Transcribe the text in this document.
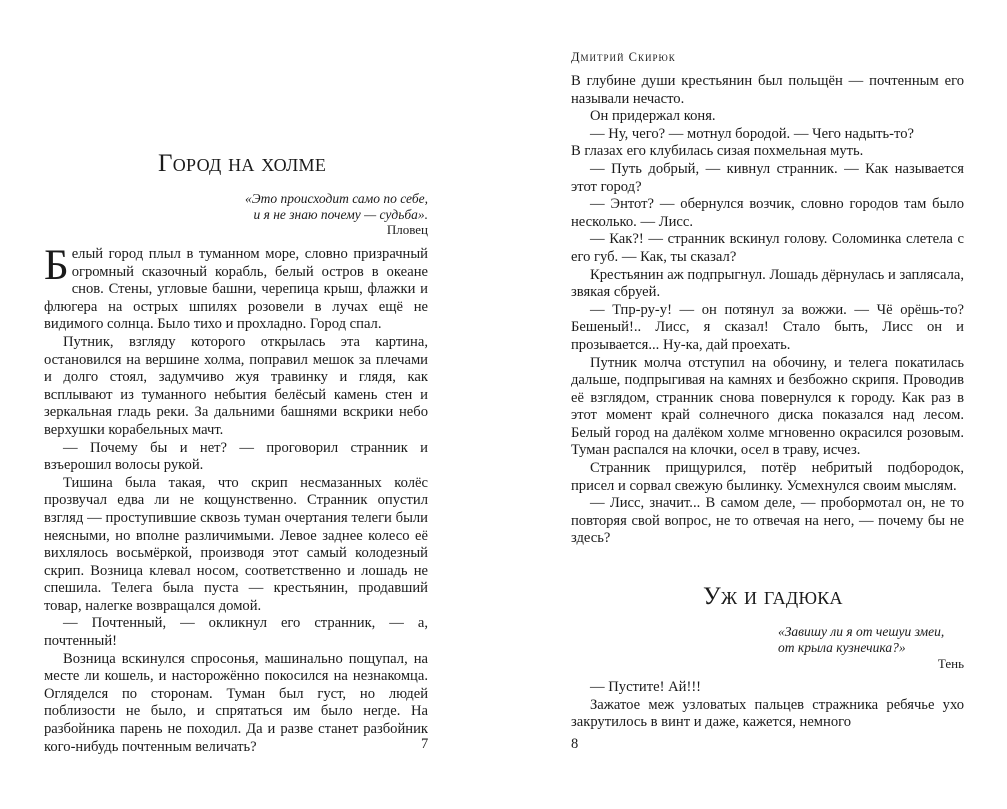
Город на холме
«Это происходит само по себе,
и я не знаю почему — судьба».
Пловец

Белый город плыл в туманном море, словно призрачный огромный сказочный корабль, белый остров в океане снов. Стены, угловые башни, черепица крыш, флажки и флюгера на острых шпилях розовели в лучах ещё не видимого солнца. Было тихо и прохладно. Город спал.

Путник, взгляду которого открылась эта картина, остановился на вершине холма, поправил мешок за плечами и долго стоял, задумчиво жуя травинку и глядя, как всплывают из туманного небытия белёсый камень стен и зеркальная гладь реки. За дальними башнями вскрики небо верхушки корабельных мачт.

— Почему бы и нет? — проговорил странник и взъерошил волосы рукой.

Тишина была такая, что скрип несмазанных колёс прозвучал едва ли не кощунственно. Странник опустил взгляд — проступившие сквозь туман очертания телеги были неясными, но вполне различимыми. Левое заднее колесо её вихлялось восьмёркой, производя этот самый колодезный скрип. Возница клевал носом, соответственно и лошадь не спешила. Телега была пуста — крестьянин, продавший товар, налегке возвращался домой.

— Почтенный, — окликнул его странник, — а, почтенный!

Возница вскинулся спросонья, машинально пощупал, на месте ли кошель, и насторожённо покосился на незнакомца. Огляделся по сторонам. Туман был густ, но людей поблизости не было, и спрятаться им было негде. На разбойника парень не походил. Да и разве станет разбойник кого-нибудь почтенным величать?	7
Дмитрий Скирюк

В глубине души крестьянин был польщён — почтенным его называли нечасто.

Он придержал коня.

— Ну, чего? — мотнул бородой. — Чего надыть-то?

В глазах его клубилась сизая похмельная муть.

— Путь добрый, — кивнул странник. — Как называется этот город?

— Энтот? — обернулся возчик, словно городов там было несколько. — Лисс.

— Как?! — странник вскинул голову. Соломинка слетела с его губ. — Как, ты сказал?

Крестьянин аж подпрыгнул. Лошадь дёрнулась и заплясала, звякая сбруей.

— Тпр-ру-у! — он потянул за вожжи. — Чё орёшь-то? Бешеный!.. Лисс, я сказал! Стало быть, Лисс он и прозывается... Ну-ка, дай проехать.

Путник молча отступил на обочину, и телега покатилась дальше, подпрыгивая на камнях и безбожно скрипя. Проводив её взглядом, странник снова повернулся к городу. Как раз в этот момент край солнечного диска показался над лесом. Белый город на далёком холме мгновенно окрасился розовым. Туман распался на клочки, осел в траву, исчез.

Странник прищурился, потёр небритый подбородок, присел и сорвал свежую былинку. Усмехнулся своим мыслям.

— Лисс, значит... В самом деле, — пробормотал он, не то повторяя свой вопрос, не то отвечая на него, — почему бы не здесь?

Уж и гадюка
«Завишу ли я от чешуи змеи,
от крыла кузнечика?»
Тень

— Пустите! Ай!!!

Зажатое меж узловатых пальцев стражника ребячье ухо закрутилось в винт и даже, кажется, немного

8
